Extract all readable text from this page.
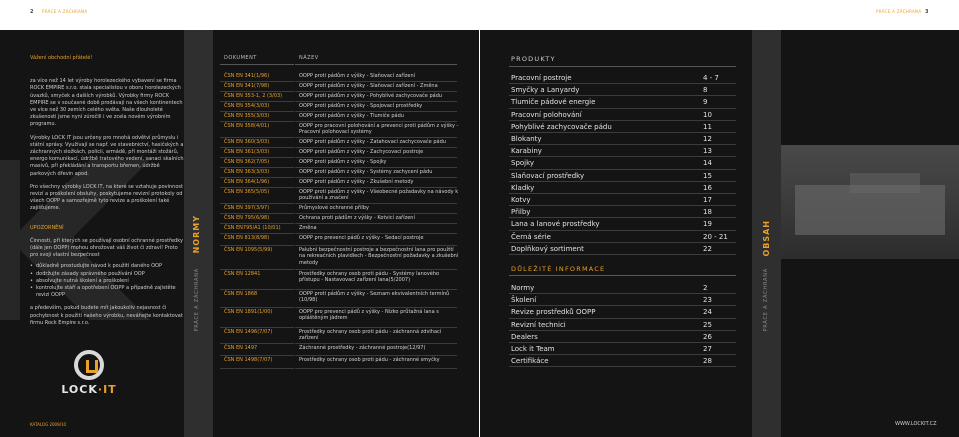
2 PRÁCE A ZÁCHRANA	PRÁCE A ZÁCHRANA 3
Vážení obchodní přátelé!

za více než 14 let výroby horolezeckého vybavení se firma ROCK EMPIRE s.r.o. stala specialistou v oboru horolezeckých úvazků, smyček a dalších výrobků. Výrobky firmy ROCK EMPIRE se v současné době prodávají na všech kontinentech ve více než 30 zemích celého světa. Naše dlouholeté zkušenosti jsme nyní zúročili i ve zcela novém výrobním programu.

Výrobky LOCK IT jsou určeny pro mnohá odvětví průmyslu i státní správy. Využívají se např. ve stavebnictví, hasičských a záchranných složkách, policii, armádě, při montáži stožárů, energo komunikací, údržbě tratového vedení, sanaci skalních masivů, při překládání a transportu břemen, údržbě parkových dřevin apod.

Pro všechny výrobky LOCK IT, na které se vztahuje povinnost revizí a proškolení obsluhy, poskytujeme revizní protokoly od všech OOPP a samozřejmě tyto revize a proškolení také zajišťujeme.

UPOZORNĚNÍ

Činnosti, při kterých se používají osobní ochranné prostředky (dále jen OOPP) mohou ohrožovat váš život či zdraví! Proto pro svoji vlastní bezpečnost

• důkladně prostudujte návod k použití daného OOP
• dodržujte zásady správného používání OOP
• absolvujte nutná školení a proškolení
• kontrolujte stáří a opotřebení OOPP a případně zajistěte revizi OOPP

a především, pokud budete mít jakoukoliv nejasnost či pochybnost k použití našeho výrobku, neváhejte kontaktovat firmu Rock Empire s.r.o.

LOCK·IT
KATALOG 2009/10
NORMY
PRÁCE A ZÁCHRANA
DOKUMENT	NÁZEV
ČSN EN 341(1/96)	OOPP proti pádům z výšky - Slaňovací zařízení
ČSN EN 341(7/98)	OOPP proti pádům z výšky - Slaňovací zařízení - Změna
ČSN EN 353-1, 2 (3/03)	OOPP proti pádům z výšky - Pohyblivé zachycovače pádu
ČSN EN 354(3/03)	OOPP proti pádům z výšky - Spojovací prostředky
ČSN EN 355(3/03)	OOPP proti pádům z výšky - Tlumiče pádu
ČSN EN 358(4/01)	OOPP pro pracovní polohování a prevenci proti pádům z výšky - Pracovní polohovací systémy
ČSN EN 360(3/03)	OOPP proti pádům z výšky - Zatahovací zachycovače pádu
ČSN EN 361(3/03)	OOPP proti pádům z výšky - Zachycovací postroje
ČSN EN 362(7/05)	OOPP proti pádům z výšky - Spojky
ČSN EN 363(3/03)	OOPP proti pádům z výšky - Systémy zachycení pádu
ČSN EN 364(1/96)	OOPP proti pádům z výšky - Zkušební metody
ČSN EN 365(5/05)	OOPP proti pádům z výšky - Všeobecné požadavky na návody k používání a značení
ČSN EN 397(3/97)	Průmyslové ochranné přilby
ČSN EN 795(6/98)	Ochrana proti pádům z výšky - Kotvicí zařízení
ČSN EN795/A1 (10/01)	Změna
ČSN EN 813(8/98)	OOPP pro prevenci pádů z výšky - Sedací postroje
ČSN EN 1095(5/99)	Palubní bezpečnostní postroje a bezpečnostní lana pro použití na rekreačních plavidlech - Bezpečnostní požadavky a zkušební metody
ČSN EN 12841	Prostředky ochrany osob proti pádu - Systémy lanového přístupu - Nastavovací zařízení lana(5/2007)
ČSN EN 1868	OOPP proti pádům z výšky - Seznam ekvivalentních termínů (10/98)
ČSN EN 1891(1/00)	OOPP pro prevenci pádů z výšky - Nízko průtažná lana s opláštěným jádrem
ČSN EN 1496(7/07)	Prostředky ochrany osob proti pádu - záchranná zdvihací zařízení
ČSN EN 1497	Záchranné prostředky - záchranné postroje(12/97)
ČSN EN 1498(7/07)	Prostředky ochrany osob proti pádu - záchranné smyčky
PRODUKTY
Pracovní postroje	4 - 7
Smyčky a Lanyardy	8
Tlumiče pádové energie	9
Pracovní polohování	10
Pohyblivé zachycovače pádu	11
Blokanty	12
Karabiny	13
Spojky	14
Slaňovací prostředky	15
Kladky	16
Kotvy	17
Přilby	18
Lana a lanové prostředky	19
Černá série	20 - 21
Doplňkový sortiment	22
DŮLEŽITÉ INFORMACE
Normy	2
Školení	23
Revize prostředků OOPP	24
Revizní technici	25
Dealers	26
Lock it Team	27
Certifikáce	28
OBSAH
PRÁCE A ZÁCHRANA
WWW.LOCKIT.CZ
